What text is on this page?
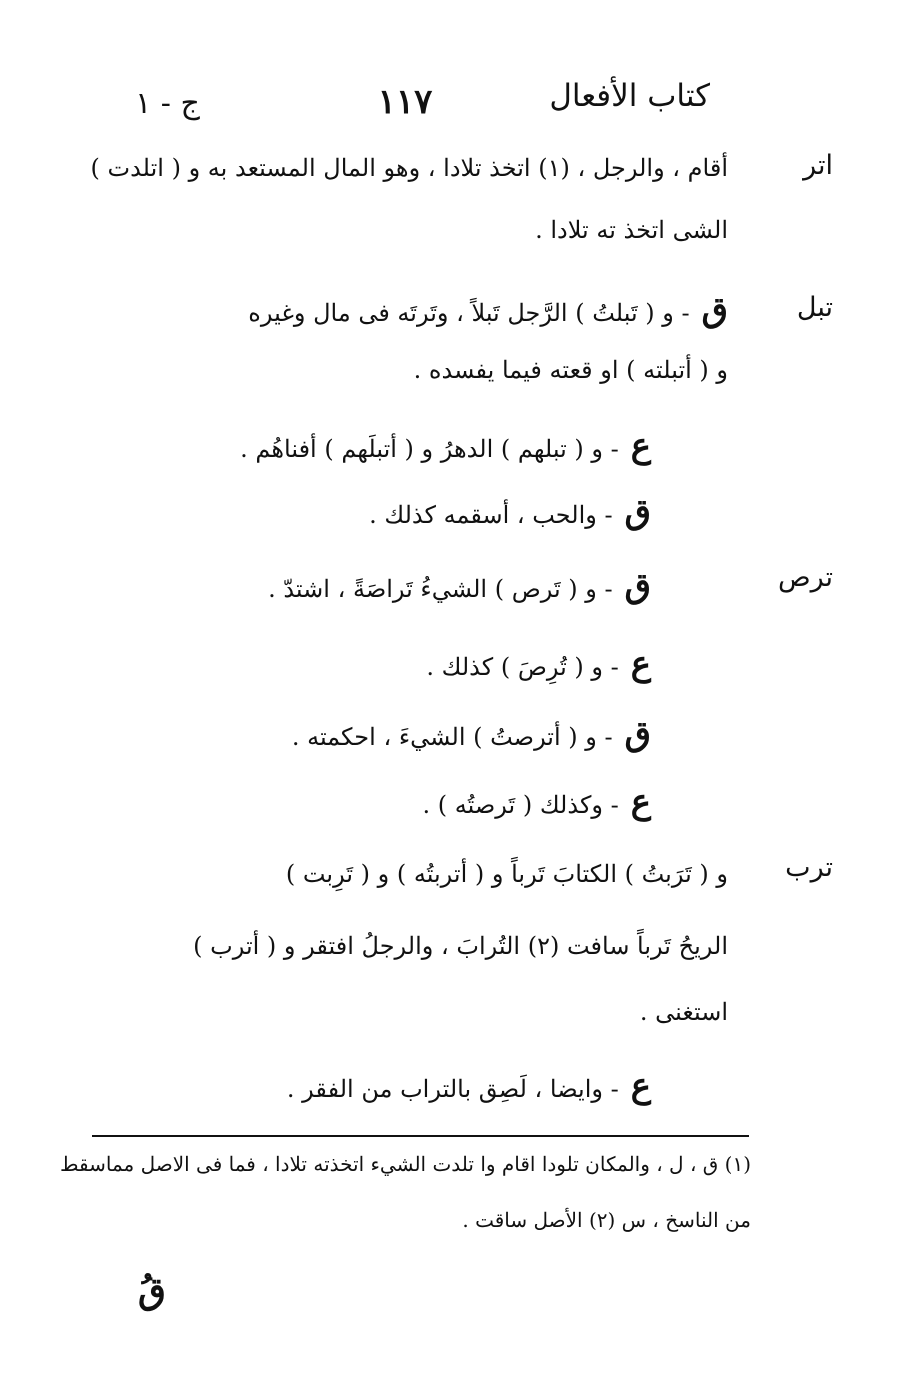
كتاب الأفعال
١١٧
ج - ١
اتر
أقام ، والرجل ، (١) اتخذ تلادا ، وهو المال المستعد به و ( اتلدت )
الشى اتخذ ته تلادا .
تبل
ق- و ( تَبلتُ ) الرَّجل تَبلاً ، وتَرتَه فى مال وغيره
و ( أتبلته ) او قعته فيما يفسده .
ع- و ( تبلهم ) الدهرُ و ( أتبلَهم ) أفناهُم .
ق- والحب ، أسقمه كذلك .
ترص
ق- و ( تَرص ) الشيءُ تَراصَةً ، اشتدّ .
ع- و ( تُرِصَ ) كذلك .
ق- و ( أترصتُ ) الشيءَ ، احكمته .
ع- وكذلك ( تَرصتُه ) .
ترب
و ( تَرَبتُ ) الكتابَ تَرباً و ( أتربتُه ) و ( تَرِبت )
الريحُ تَرباً سافت (٢) التُرابَ ، والرجلُ افتقر و ( أترب )
استغنى .
ع- وايضا ، لَصِق بالتراب من الفقر .
(١) ق ، ل ، والمكان تلودا اقام وا تلدت الشيء اتخذته تلادا ، فما فى الاصل مماسقط
من الناسخ ، س (٢) الأصل ساقت .
قُ
